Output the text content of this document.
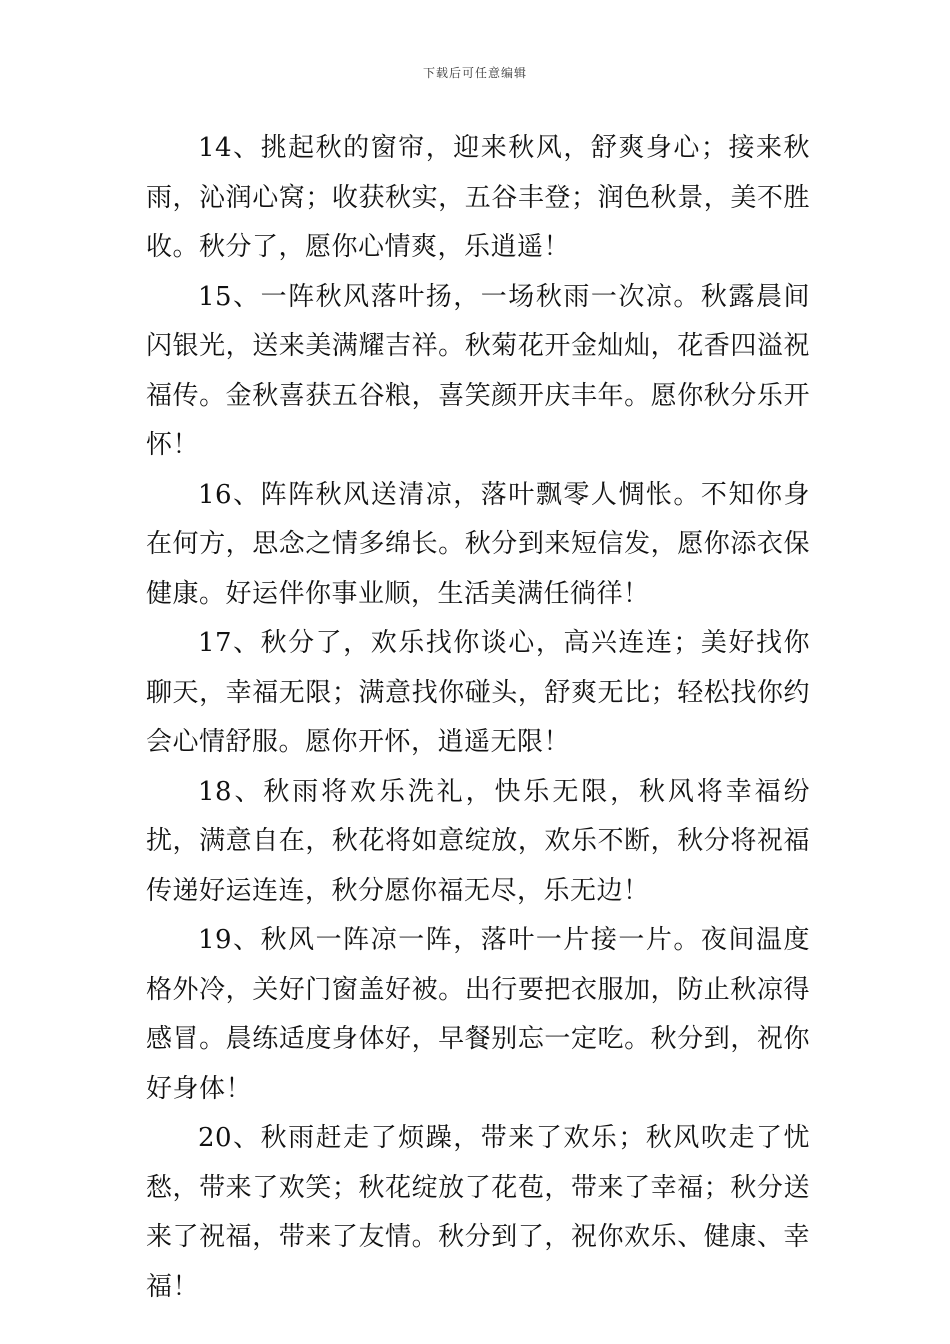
下载后可任意编辑

14、挑起秋的窗帘，迎来秋风，舒爽身心；接来秋雨，沁润心窝；收获秋实，五谷丰登；润色秋景，美不胜收。秋分了，愿你心情爽，乐逍遥！

15、一阵秋风落叶扬，一场秋雨一次凉。秋露晨间闪银光，送来美满耀吉祥。秋菊花开金灿灿，花香四溢祝福传。金秋喜获五谷粮，喜笑颜开庆丰年。愿你秋分乐开怀！

16、阵阵秋风送清凉，落叶飘零人惆怅。不知你身在何方，思念之情多绵长。秋分到来短信发，愿你添衣保健康。好运伴你事业顺，生活美满任徜徉！

17、秋分了，欢乐找你谈心，高兴连连；美好找你聊天，幸福无限；满意找你碰头，舒爽无比；轻松找你约会心情舒服。愿你开怀，逍遥无限！

18、秋雨将欢乐洗礼，快乐无限，秋风将幸福纷扰，满意自在，秋花将如意绽放，欢乐不断，秋分将祝福传递好运连连，秋分愿你福无尽，乐无边！

19、秋风一阵凉一阵，落叶一片接一片。夜间温度格外冷，关好门窗盖好被。出行要把衣服加，防止秋凉得感冒。晨练适度身体好，早餐别忘一定吃。秋分到，祝你好身体！

20、秋雨赶走了烦躁，带来了欢乐；秋风吹走了忧愁，带来了欢笑；秋花绽放了花苞，带来了幸福；秋分送来了祝福，带来了友情。秋分到了，祝你欢乐、健康、幸福！
